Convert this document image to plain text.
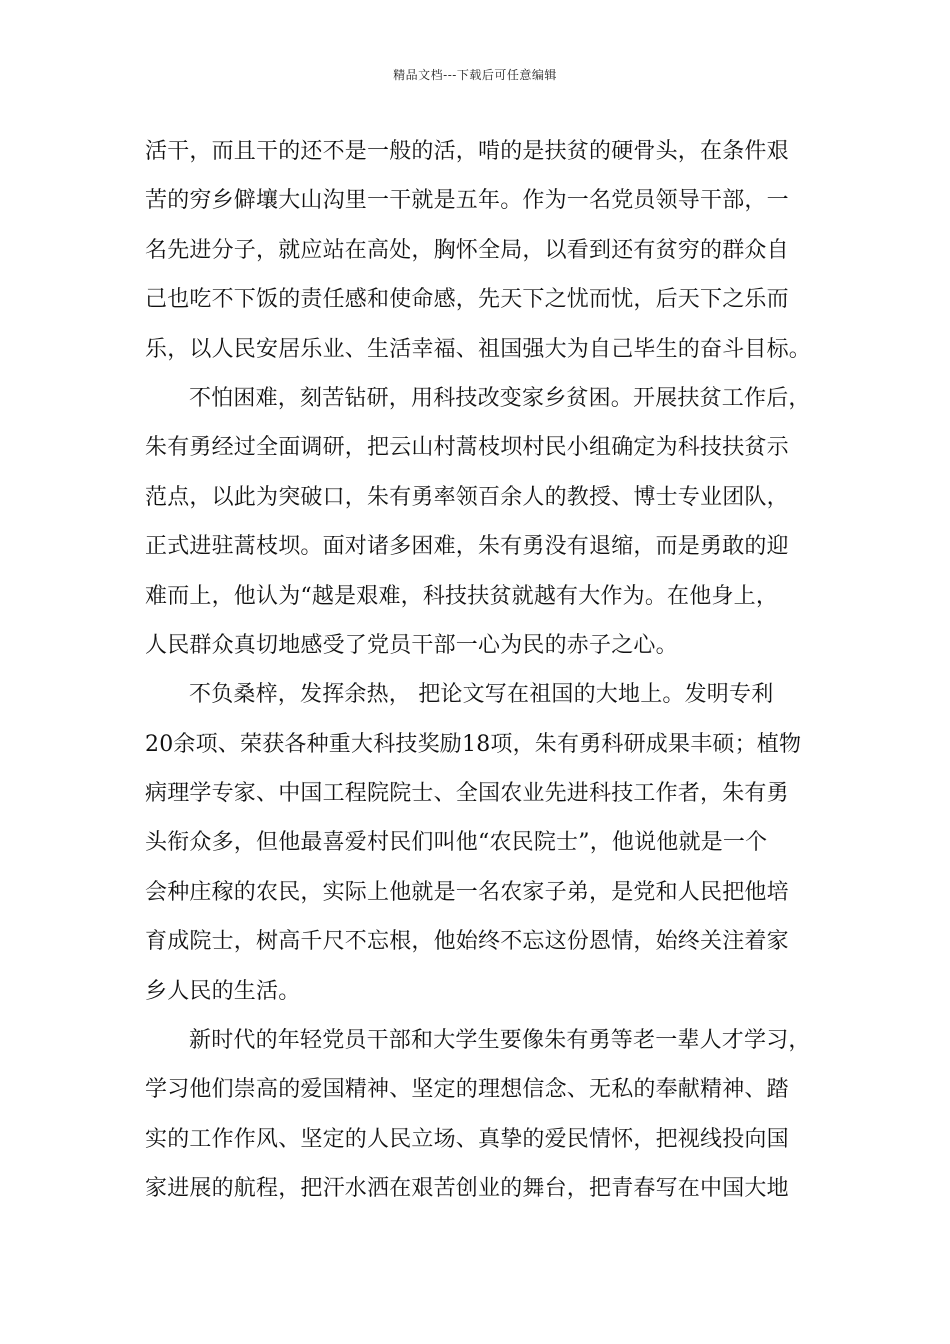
精品文档---下载后可任意编辑
活干，而且干的还不是一般的活，啃的是扶贫的硬骨头，在条件艰
苦的穷乡僻壤大山沟里一干就是五年。作为一名党员领导干部，一
名先进分子，就应站在高处，胸怀全局，以看到还有贫穷的群众自
己也吃不下饭的责任感和使命感，先天下之忧而忧，后天下之乐而
乐，以人民安居乐业、生活幸福、祖国强大为自己毕生的奋斗目标。
不怕困难，刻苦钻研，用科技改变家乡贫困。开展扶贫工作后，
朱有勇经过全面调研，把云山村蒿枝坝村民小组确定为科技扶贫示
范点，以此为突破口，朱有勇率领百余人的教授、博士专业团队，
正式进驻蒿枝坝。面对诸多困难，朱有勇没有退缩，而是勇敢的迎
难而上，他认为“越是艰难，科技扶贫就越有大作为。在他身上，
人民群众真切地感受了党员干部一心为民的赤子之心。
不负桑梓，发挥余热， 把论文写在祖国的大地上。发明专利
20余项、荣获各种重大科技奖励18项，朱有勇科研成果丰硕；植物
病理学专家、中国工程院院士、全国农业先进科技工作者，朱有勇
头衔众多，但他最喜爱村民们叫他“农民院士”，他说他就是一个
会种庄稼的农民，实际上他就是一名农家子弟，是党和人民把他培
育成院士，树高千尺不忘根，他始终不忘这份恩情，始终关注着家
乡人民的生活。
新时代的年轻党员干部和大学生要像朱有勇等老一辈人才学习，
学习他们崇高的爱国精神、坚定的理想信念、无私的奉献精神、踏
实的工作作风、坚定的人民立场、真挚的爱民情怀，把视线投向国
家进展的航程，把汗水洒在艰苦创业的舞台，把青春写在中国大地
